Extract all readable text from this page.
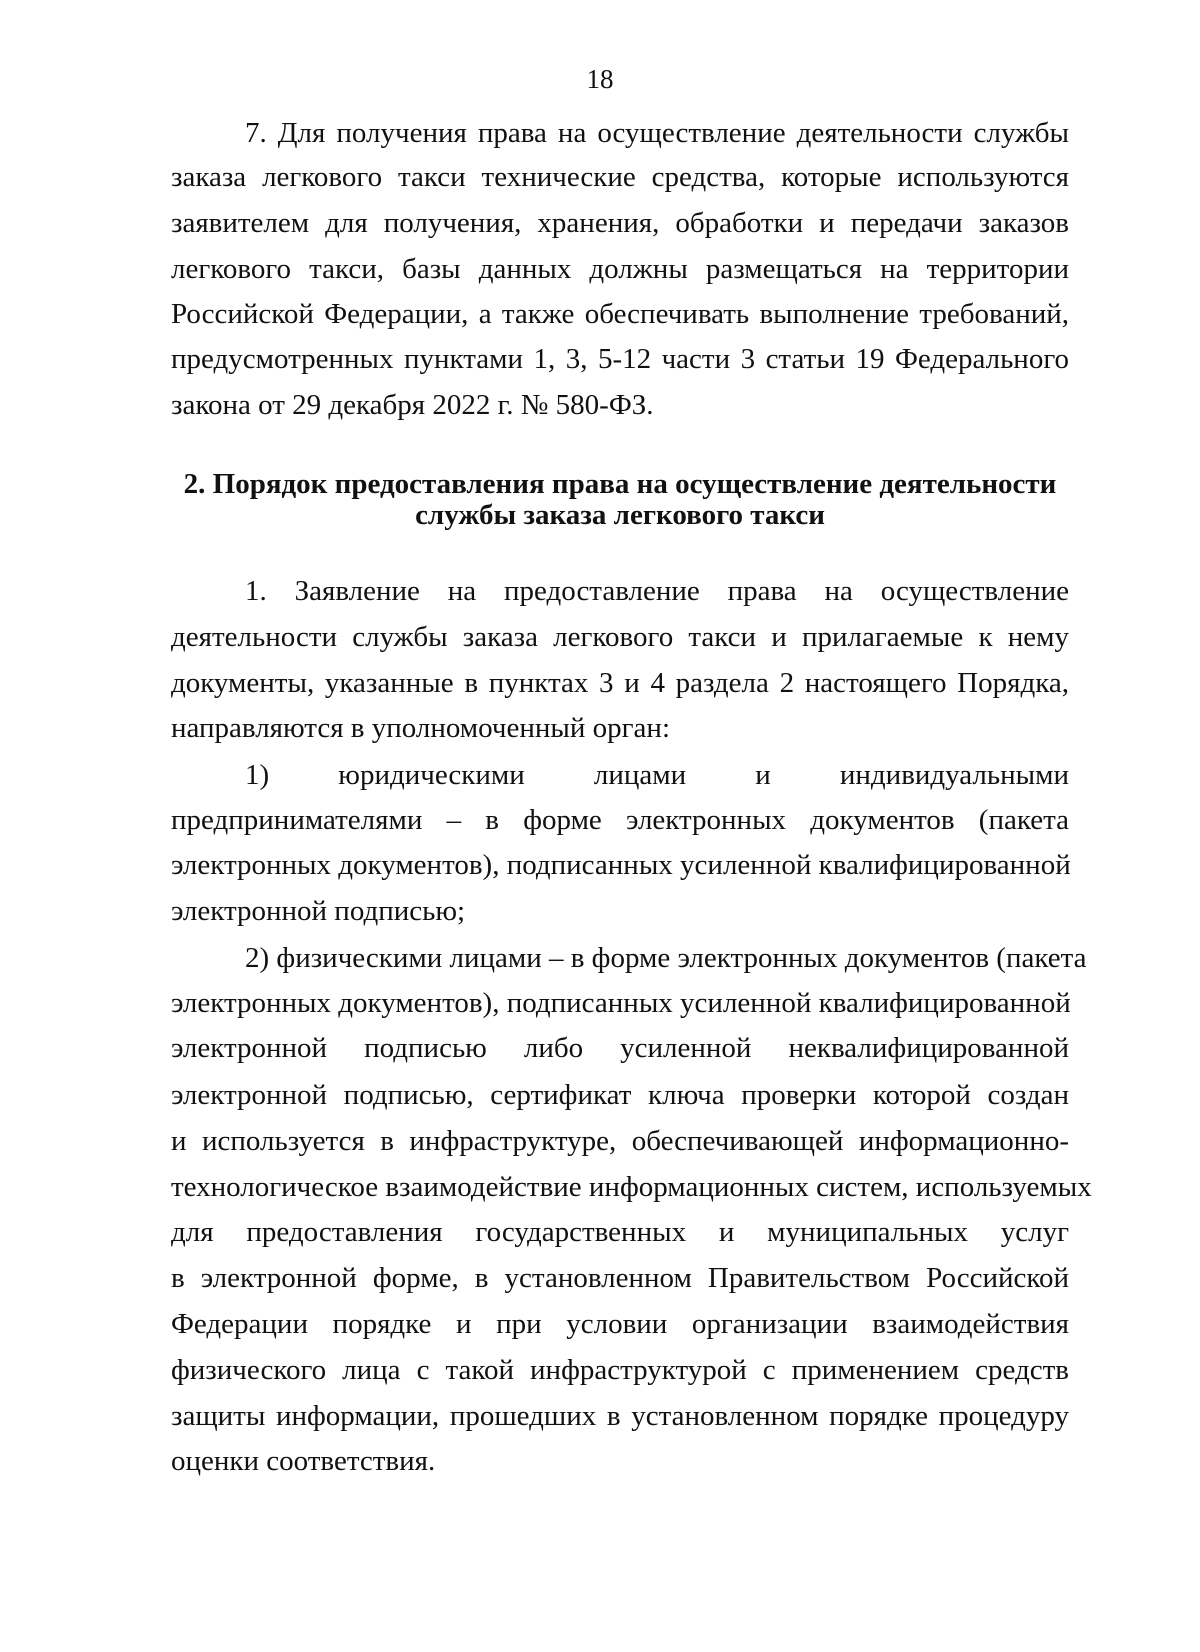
18

7. Для получения права на осуществление деятельности службы

заказа легкового такси технические средства, которые используются

заявителем для получения, хранения, обработки и передачи заказов

легкового такси, базы данных должны размещаться на территории

Российской Федерации, а также обеспечивать выполнение требований,

предусмотренных пунктами 1, 3, 5-12 части 3 статьи 19 Федерального

закона от 29 декабря 2022 г. № 580-ФЗ.

2. Порядок предоставления права на осуществление деятельности

службы заказа легкового такси

1. Заявление на предоставление права на осуществление

деятельности службы заказа легкового такси и прилагаемые к нему

документы, указанные в пунктах 3 и 4 раздела 2 настоящего Порядка,

направляются в уполномоченный орган:

1) юридическими лицами и индивидуальными

предпринимателями – в форме электронных документов (пакета

электронных документов), подписанных усиленной квалифицированной

электронной подписью;

2) физическими лицами – в форме электронных документов (пакета

электронных документов), подписанных усиленной квалифицированной

электронной подписью либо усиленной неквалифицированной

электронной подписью, сертификат ключа проверки которой создан

и используется в инфраструктуре, обеспечивающей информационно-

технологическое взаимодействие информационных систем, используемых

для предоставления государственных и муниципальных услуг

в электронной форме, в установленном Правительством Российской

Федерации порядке и при условии организации взаимодействия

физического лица с такой инфраструктурой с применением средств

защиты информации, прошедших в установленном порядке процедуру

оценки соответствия.
